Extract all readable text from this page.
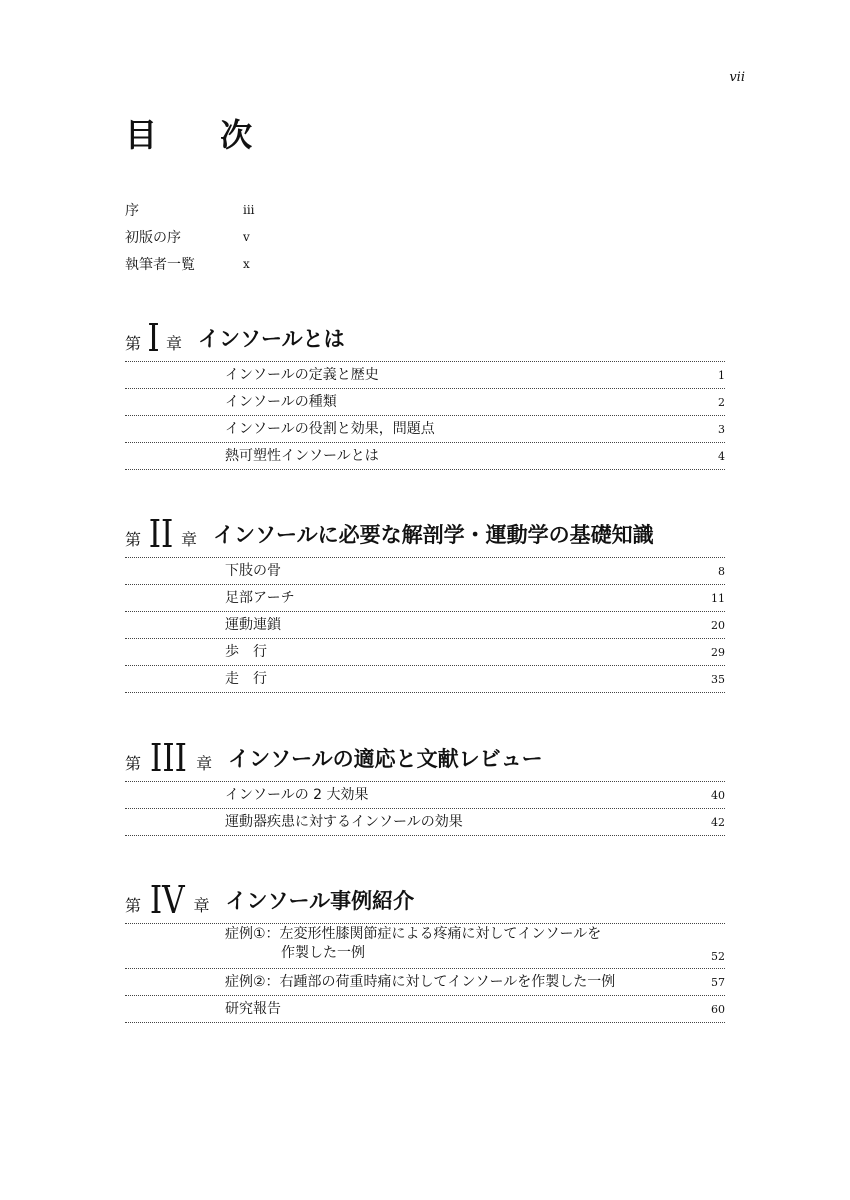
vii
目 次
序	iii
初版の序	v
執筆者一覧	x
第 I 章 インソールとは
インソールの定義と歴史	1
インソールの種類	2
インソールの役割と効果，問題点	3
熱可塑性インソールとは	4
第 II 章 インソールに必要な解剖学・運動学の基礎知識
下肢の骨	8
足部アーチ	11
運動連鎖	20
歩　行	29
走　行	35
第 III 章 インソールの適応と文献レビュー
インソールの 2 大効果	40
運動器疾患に対するインソールの効果	42
第 IV 章 インソール事例紹介
症例①：左変形性膝関節症による疼痛に対してインソールを
　　　　作製した一例	52
症例②：右踵部の荷重時痛に対してインソールを作製した一例	57
研究報告	60
